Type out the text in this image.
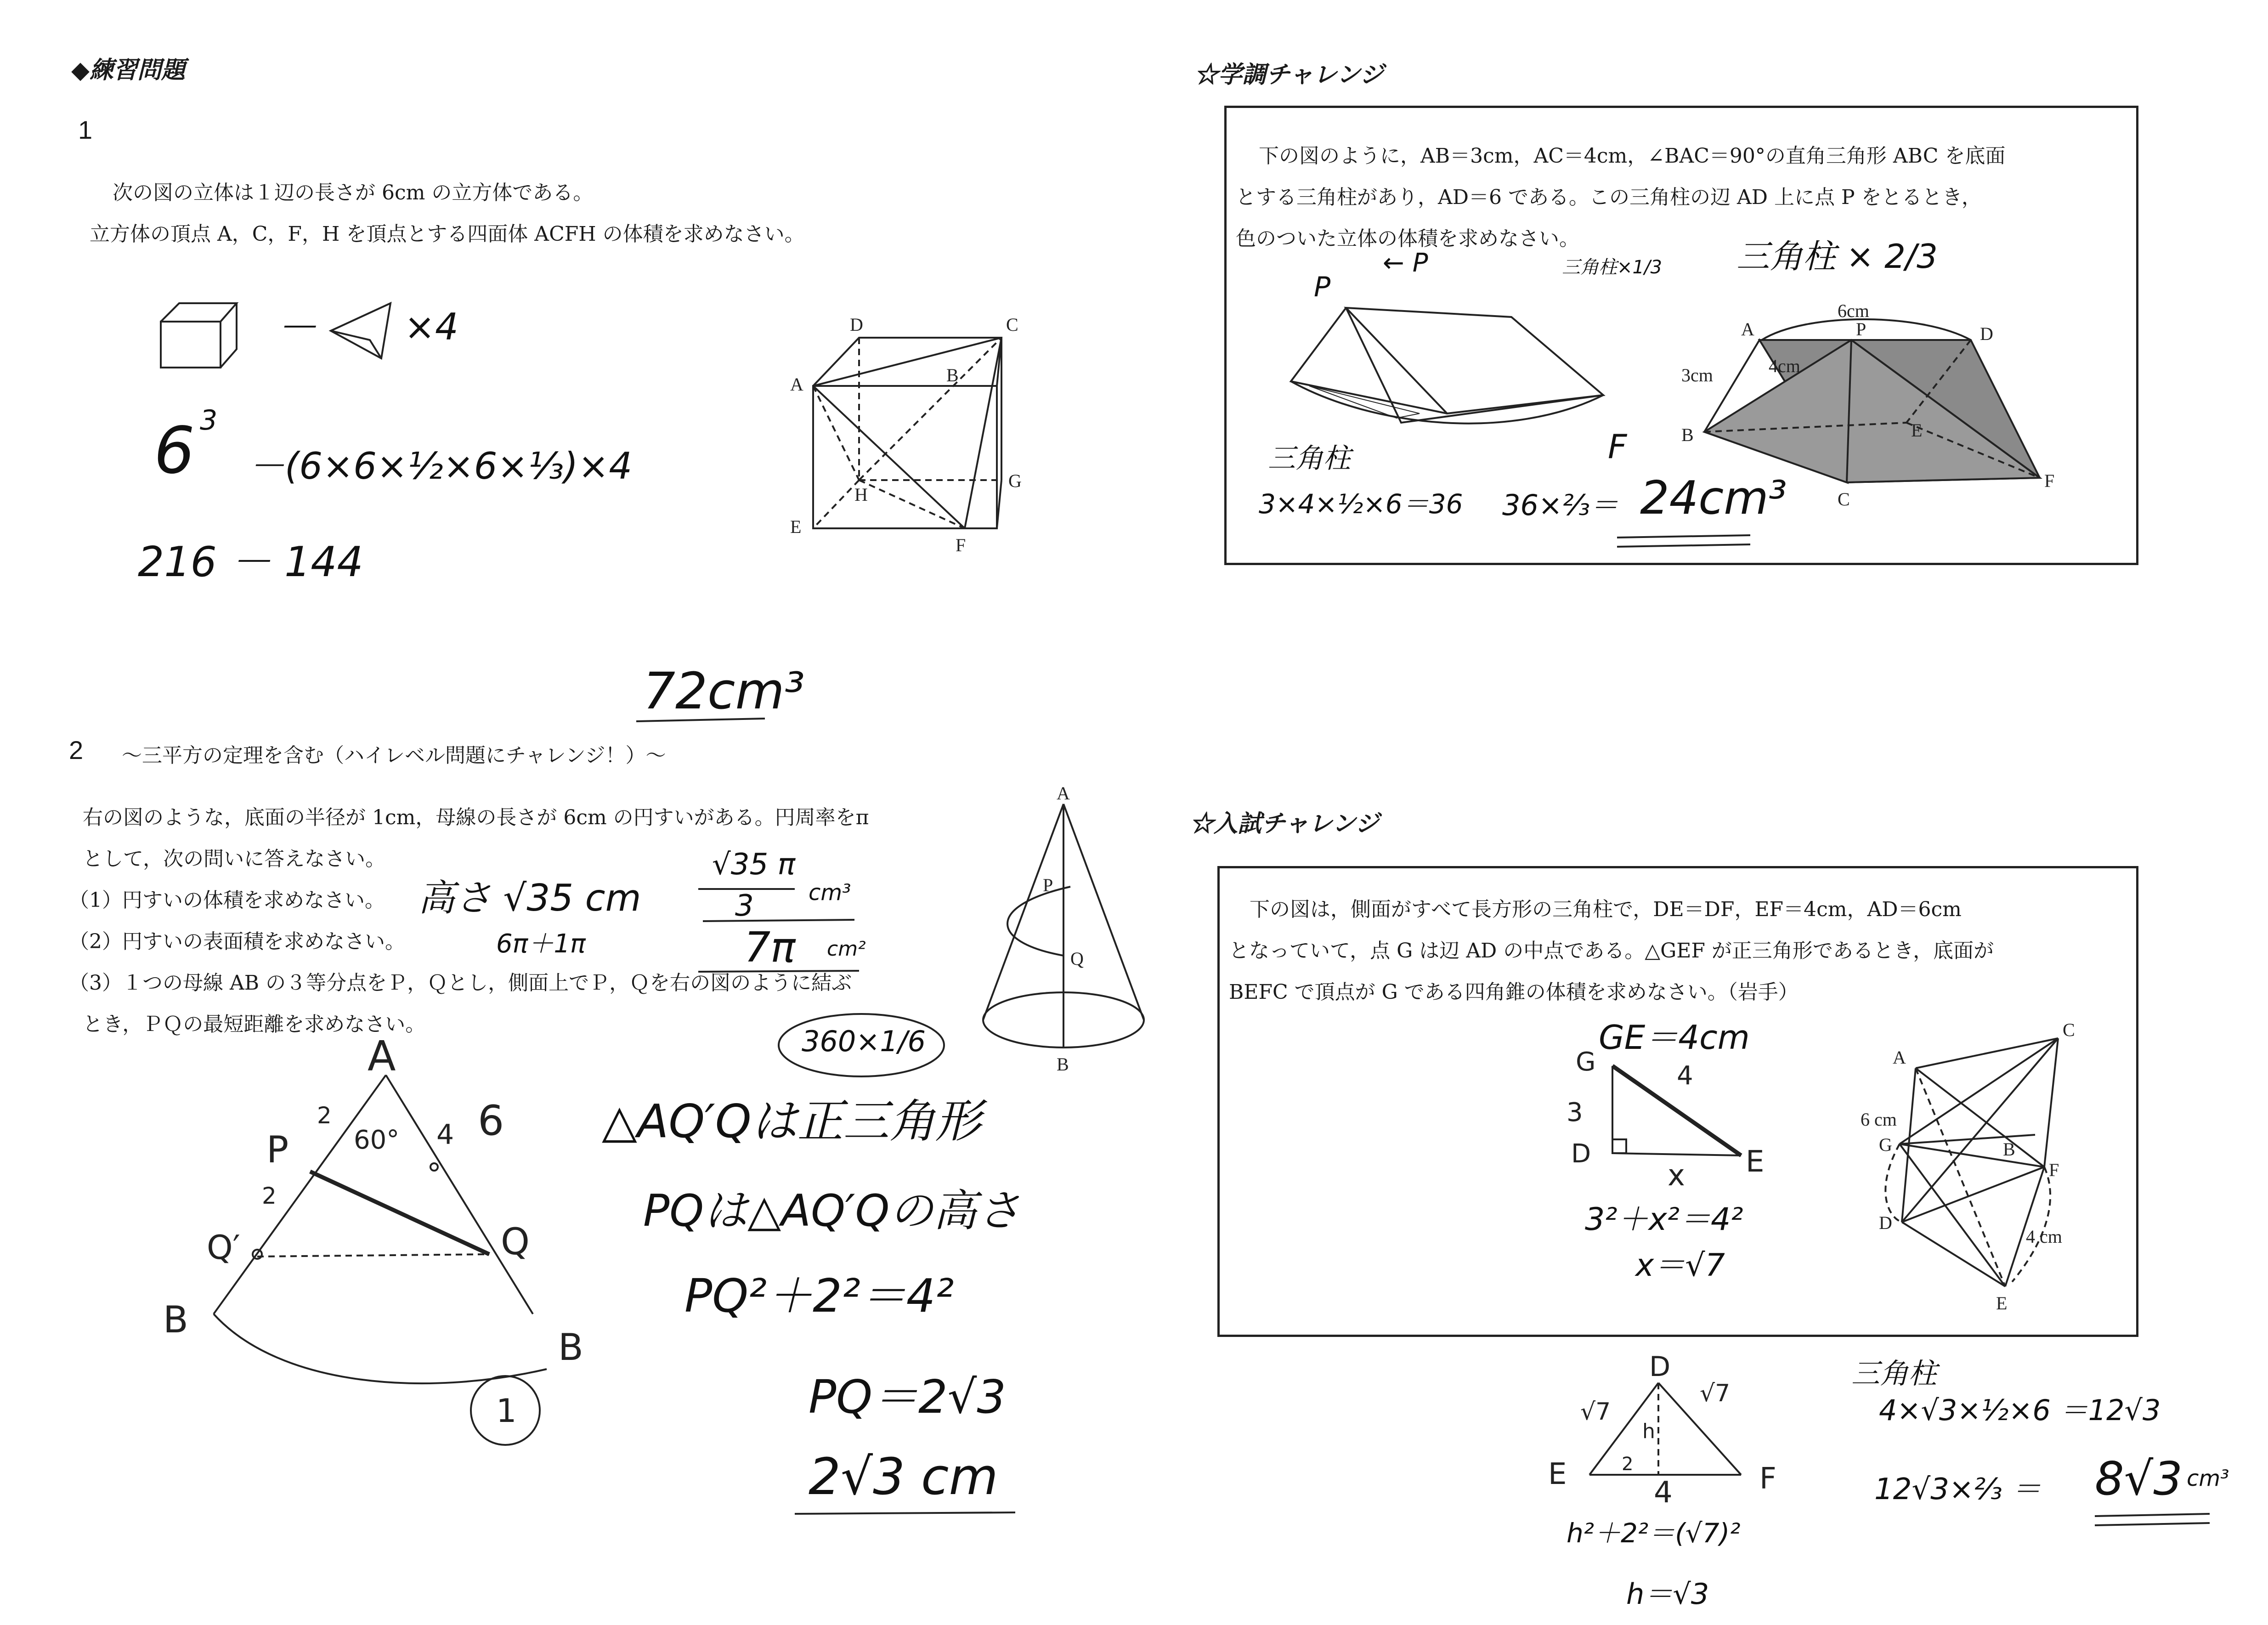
◆練習問題
1
次の図の立体は１辺の長さが 6cm の立方体である。
立方体の頂点 A，C，F，H を頂点とする四面体 ACFH の体積を求めなさい。
－ ×4
6 3
－(6×6×½×6×⅓)×4
216 － 144
72cm³
D	C
A	B
H
G
E
F
2 ～三平方の定理を含む（ハイレベル問題にチャレンジ！）～
右の図のような，底面の半径が 1cm，母線の長さが 6cm の円すいがある。円周率をπ
として，次の問いに答えなさい。
（1）円すいの体積を求めなさい。
（2）円すいの表面積を求めなさい。
（3）１つの母線 AB の３等分点をＰ，Ｑとし，側面上でＰ，Ｑを右の図のように結ぶ
とき，ＰＱの最短距離を求めなさい。
高さ √35 cm
√35 π
3 cm³
6π＋1π	7π cm²
360×1/6
A
P
Q
B
A
P
Q′	Q
B
B
2
2
60° 4 6
1
△AQ′Qは正三角形
PQは△AQ′Qの高さ
PQ²＋2²＝4²
PQ＝2√3
2√3 cm
☆学調チャレンジ
下の図のように，AB＝3cm，AC＝4cm，∠BAC＝90°の直角三角形 ABC を底面
とする三角柱があり，AD＝6 である。この三角柱の辺 AD 上に点 P をとるとき，
色のついた立体の体積を求めなさい。	三角柱 × 2/3
P
← P	三角柱×1/3
F
6cm
A	P	D
3cm	4cm
B	E
C
F
三角柱
3×4×½×6＝36 36×⅔＝ 24cm³
☆入試チャレンジ
下の図は，側面がすべて長方形の三角柱で，DE＝DF，EF＝4cm，AD＝6cm
となっていて，点 G は辺 AD の中点である。△GEF が正三角形であるとき，底面が
BEFC で頂点が G である四角錐の体積を求めなさい。（岩手）
GE＝4cm
G	4
3
D
x E
3²＋x²＝4²
x＝√7
A
C
6 cm
G	B
F
D
4 cm
E
三角柱
4×√3×½×6 ＝12√3
12√3×⅔ ＝ 8√3 cm³
D
√7
√7
E	F
4
2
h
h²＋2²＝(√7)²
h＝√3
